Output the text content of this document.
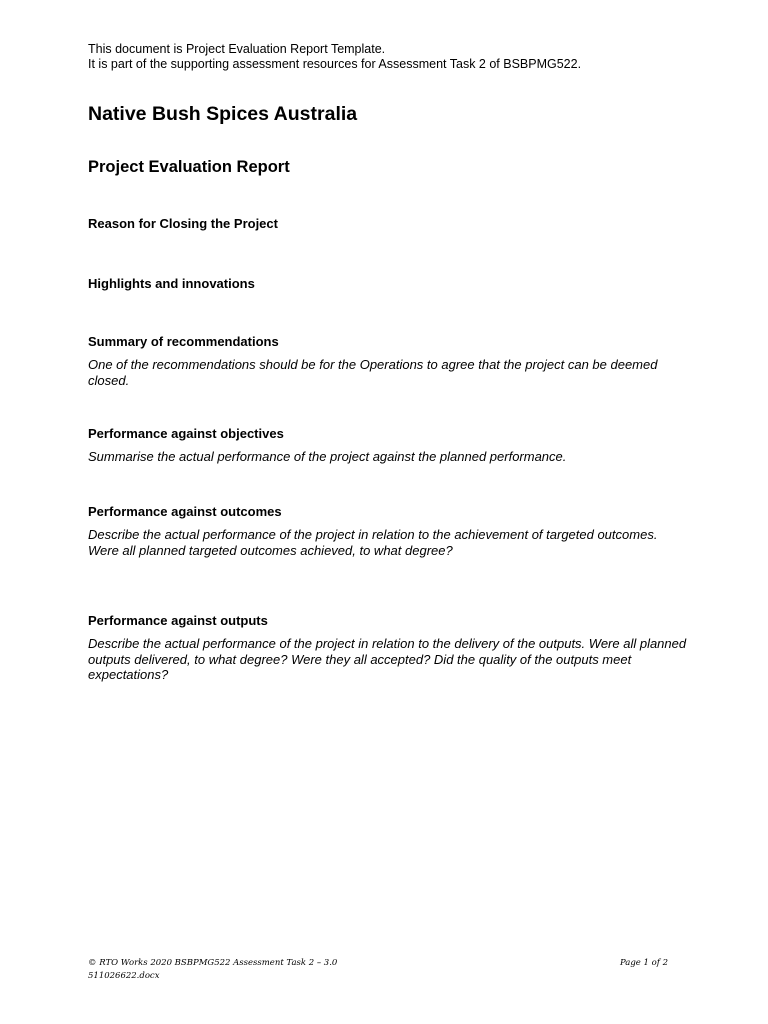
This document is Project Evaluation Report Template.
It is part of the supporting assessment resources for Assessment Task 2 of BSBPMG522.
Native Bush Spices Australia
Project Evaluation Report
Reason for Closing the Project
Highlights and innovations
Summary of recommendations
One of the recommendations should be for the Operations to agree that the project can be deemed closed.
Performance against objectives
Summarise the actual performance of the project against the planned performance.
Performance against outcomes
Describe the actual performance of the project in relation to the achievement of targeted outcomes. Were all planned targeted outcomes achieved, to what degree?
Performance against outputs
Describe the actual performance of the project in relation to the delivery of the outputs. Were all planned outputs delivered, to what degree? Were they all accepted? Did the quality of the outputs meet expectations?
© RTO Works 2020 BSBPMG522 Assessment Task 2 – 3.0
511026622.docx
Page 1 of 2
